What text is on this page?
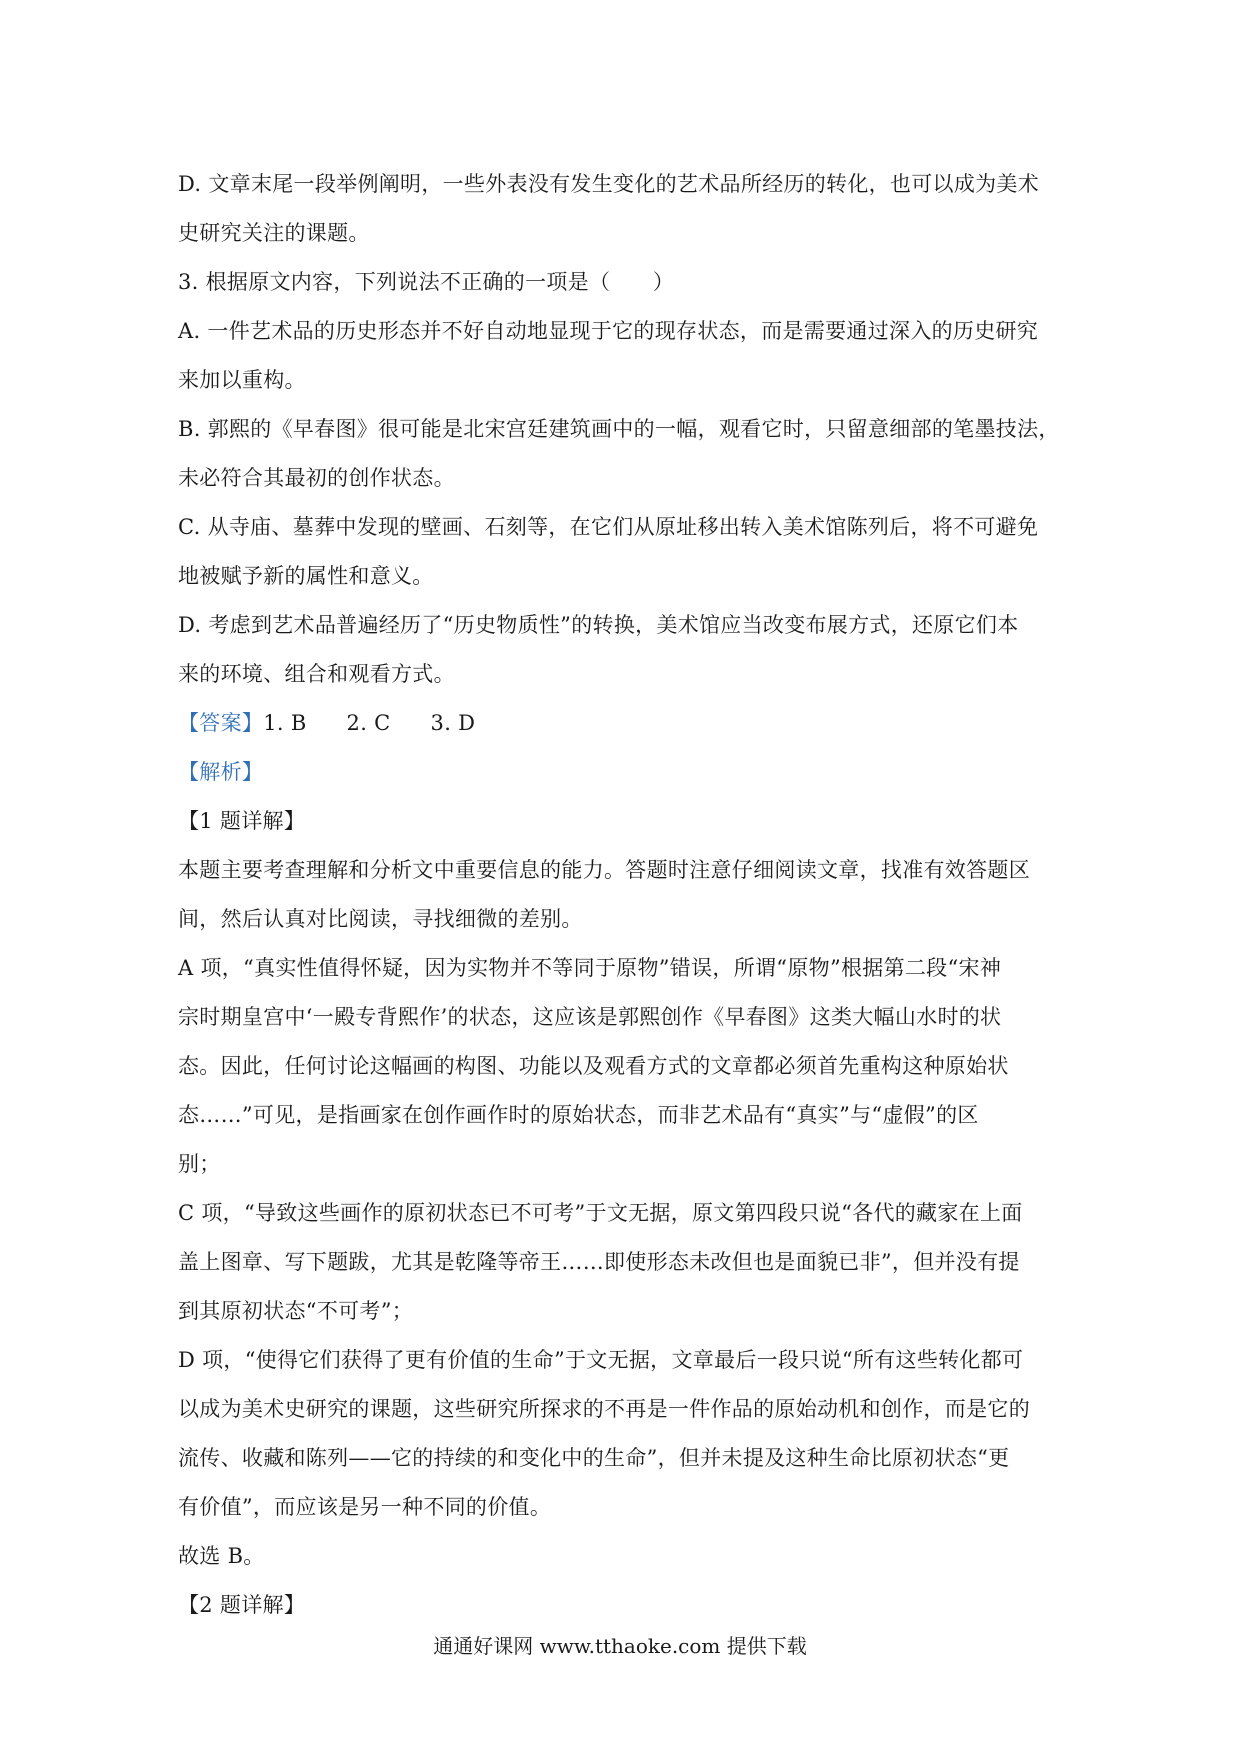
D. 文章末尾一段举例阐明，一些外表没有发生变化的艺术品所经历的转化，也可以成为美术
史研究关注的课题。
3. 根据原文内容，下列说法不正确的一项是（　　）
A. 一件艺术品的历史形态并不好自动地显现于它的现存状态，而是需要通过深入的历史研究
来加以重构。
B. 郭熙的《早春图》很可能是北宋宫廷建筑画中的一幅，观看它时，只留意细部的笔墨技法，
未必符合其最初的创作状态。
C. 从寺庙、墓葬中发现的壁画、石刻等，在它们从原址移出转入美术馆陈列后，将不可避免
地被赋予新的属性和意义。
D. 考虑到艺术品普遍经历了“历史物质性”的转换，美术馆应当改变布展方式，还原它们本
来的环境、组合和观看方式。
【答案】1. B 2. C 3. D
【解析】
【1 题详解】
本题主要考查理解和分析文中重要信息的能力。答题时注意仔细阅读文章，找准有效答题区
间，然后认真对比阅读，寻找细微的差别。
A 项，“真实性值得怀疑，因为实物并不等同于原物”错误，所谓“原物”根据第二段“宋神
宗时期皇宫中‘一殿专背熙作’的状态，这应该是郭熙创作《早春图》这类大幅山水时的状
态。因此，任何讨论这幅画的构图、功能以及观看方式的文章都必须首先重构这种原始状
态……”可见，是指画家在创作画作时的原始状态，而非艺术品有“真实”与“虚假”的区
别；
C 项，“导致这些画作的原初状态已不可考”于文无据，原文第四段只说“各代的藏家在上面
盖上图章、写下题跋，尤其是乾隆等帝王……即使形态未改但也是面貌已非”，但并没有提
到其原初状态“不可考”；
D 项，“使得它们获得了更有价值的生命”于文无据，文章最后一段只说“所有这些转化都可
以成为美术史研究的课题，这些研究所探求的不再是一件作品的原始动机和创作，而是它的
流传、收藏和陈列——它的持续的和变化中的生命”，但并未提及这种生命比原初状态“更
有价值”，而应该是另一种不同的价值。
故选 B。
【2 题详解】
通通好课网 www.tthaoke.com 提供下载
